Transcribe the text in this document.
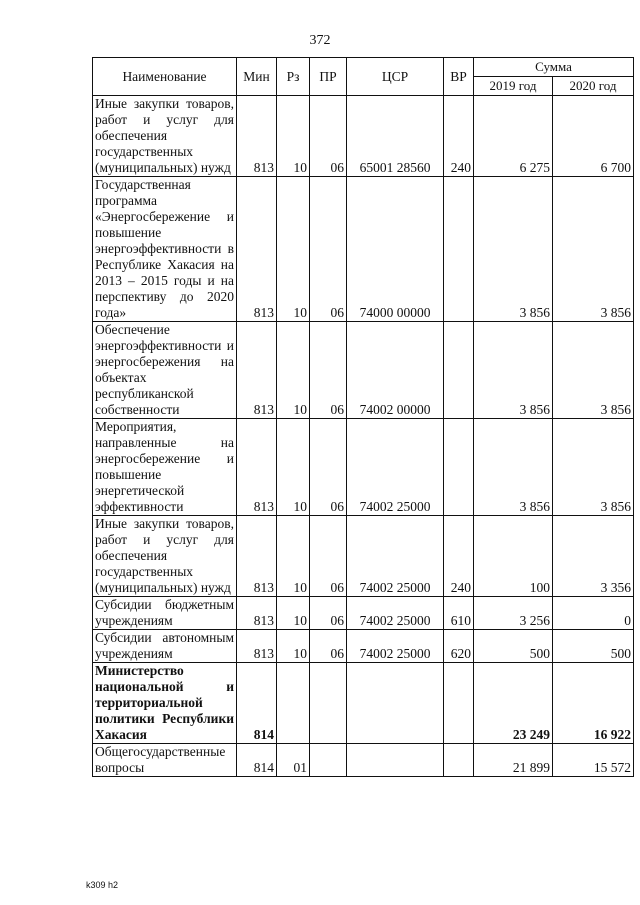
372
Наименование	Мин	Рз	ПР	ЦСР	ВР	Сумма	
						2019 год	2020 год
Иные закупки товаров, работ и услуг для обеспечения государственных (муниципальных) нужд	813	10	06	65001 28560	240	6 275	6 700
Государственная программа «Энергосбережение и повышение энергоэффективности в Республике Хакасия на 2013 – 2015 годы и на перспективу до 2020 года»	813	10	06	74000 00000		3 856	3 856
Обеспечение энергоэффективности и энергосбережения на объектах республиканской собственности	813	10	06	74002 00000		3 856	3 856
Мероприятия, направленные на энергосбережение и повышение энергетической эффективности	813	10	06	74002 25000		3 856	3 856
Иные закупки товаров, работ и услуг для обеспечения государственных (муниципальных) нужд	813	10	06	74002 25000	240	100	3 356
Субсидии бюджетным учреждениям	813	10	06	74002 25000	610	3 256	0
Субсидии автономным учреждениям	813	10	06	74002 25000	620	500	500
Министерство национальной и территориальной политики Республики Хакасия	814					23 249	16 922
Общегосударственные вопросы	814	01				21 899	15 572
k309 h2
